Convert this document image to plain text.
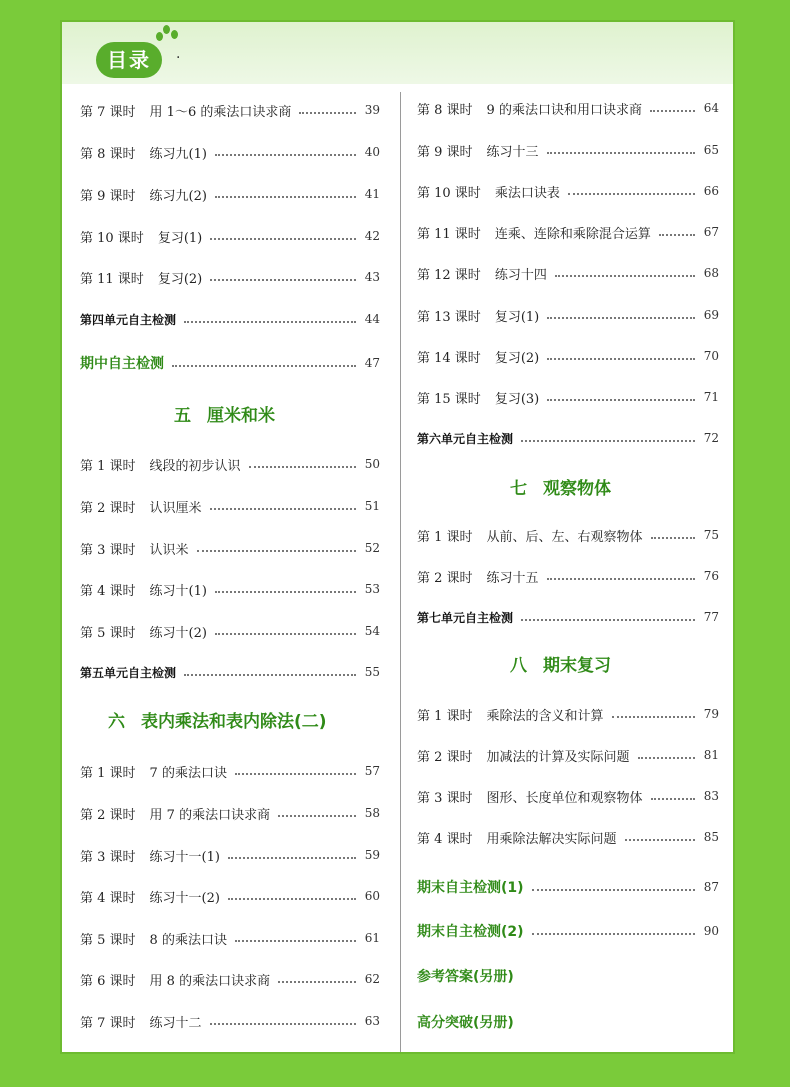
目录	·
第 7 课时 用 1～6 的乘法口诀求商	39
第 8 课时 练习九(1)	40
第 9 课时 练习九(2)	41
第 10 课时 复习(1)	42
第 11 课时 复习(2)	43
第四单元自主检测	44
期中自主检测	47
五 厘米和米
第 1 课时 线段的初步认识	50
第 2 课时 认识厘米	51
第 3 课时 认识米	52
第 4 课时 练习十(1)	53
第 5 课时 练习十(2)	54
第五单元自主检测	55
六 表内乘法和表内除法(二)
第 1 课时 7 的乘法口诀	57
第 2 课时 用 7 的乘法口诀求商	58
第 3 课时 练习十一(1)	59
第 4 课时 练习十一(2)	60
第 5 课时 8 的乘法口诀	61
第 6 课时 用 8 的乘法口诀求商	62
第 7 课时 练习十二	63
第 8 课时 9 的乘法口诀和用口诀求商	64
第 9 课时 练习十三	65
第 10 课时 乘法口诀表	66
第 11 课时 连乘、连除和乘除混合运算	67
第 12 课时 练习十四	68
第 13 课时 复习(1)	69
第 14 课时 复习(2)	70
第 15 课时 复习(3)	71
第六单元自主检测	72
七 观察物体
第 1 课时 从前、后、左、右观察物体	75
第 2 课时 练习十五	76
第七单元自主检测	77
八 期末复习
第 1 课时 乘除法的含义和计算	79
第 2 课时 加减法的计算及实际问题	81
第 3 课时 图形、长度单位和观察物体	83
第 4 课时 用乘除法解决实际问题	85
期末自主检测(1)	87
期末自主检测(2)	90
参考答案(另册)
高分突破(另册)
